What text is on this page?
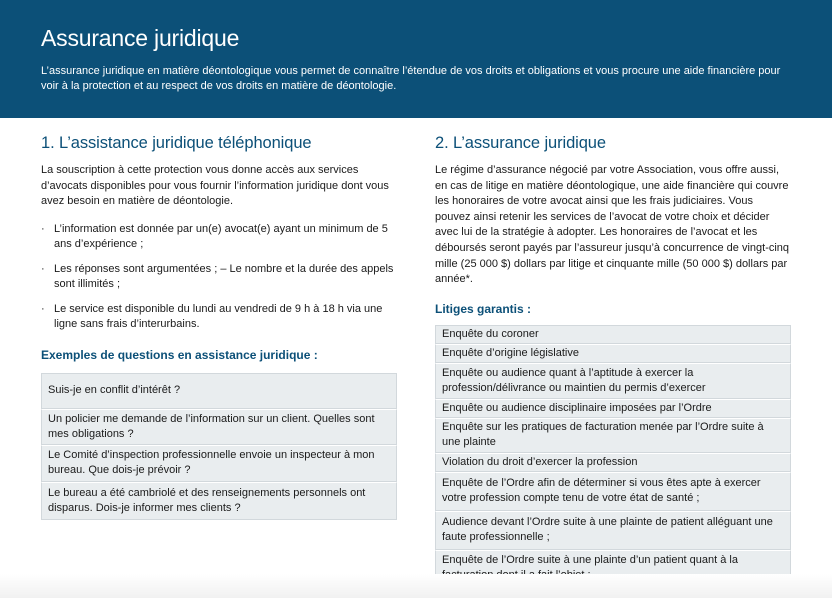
Assurance juridique

L’assurance juridique en matière déontologique vous permet de connaître l’étendue de vos droits et obligations et vous procure une aide financière pour voir à la protection et au respect de vos droits en matière de déontologie.

1. L’assistance juridique téléphonique
La souscription à cette protection vous donne accès aux services d’avocats disponibles pour vous fournir l’information juridique dont vous avez besoin en matière de déontologie.
· L’information est donnée par un(e) avocat(e) ayant un minimum de 5 ans d’expérience ;
· Les réponses sont argumentées ; – Le nombre et la durée des appels sont illimités ;
· Le service est disponible du lundi au vendredi de 9 h à 18 h via une ligne sans frais d’interurbains.
Exemples de questions en assistance juridique :
Suis-je en conflit d’intérêt ?
Un policier me demande de l’information sur un client. Quelles sont mes obligations ?
Le Comité d’inspection professionnelle envoie un inspecteur à mon bureau. Que dois-je prévoir ?
Le bureau a été cambriolé et des renseignements personnels ont disparus. Dois-je informer mes clients ?
2. L’assurance juridique
Le régime d’assurance négocié par votre Association, vous offre aussi, en cas de litige en matière déontologique, une aide financière qui couvre les honoraires de votre avocat ainsi que les frais judiciaires. Vous pouvez ainsi retenir les services de l’avocat de votre choix et décider avec lui de la stratégie à adopter. Les honoraires de l’avocat et les déboursés seront payés par l’assureur jusqu’à concurrence de vingt-cinq mille (25 000 $) dollars par litige et cinquante mille (50 000 $) dollars par année*.
Litiges garantis :
Enquête du coroner
Enquête d’origine législative
Enquête ou audience quant à l’aptitude à exercer la profession/délivrance ou maintien du permis d’exercer
Enquête ou audience disciplinaire imposées par l’Ordre
Enquête sur les pratiques de facturation menée par l’Ordre suite à une plainte
Violation du droit d’exercer la profession
Enquête de l’Ordre afin de déterminer si vous êtes apte à exercer votre profession compte tenu de votre état de santé ;
Audience devant l’Ordre suite à une plainte de patient alléguant une faute professionnelle ;
Enquête de l’Ordre suite à une plainte d’un patient quant à la
